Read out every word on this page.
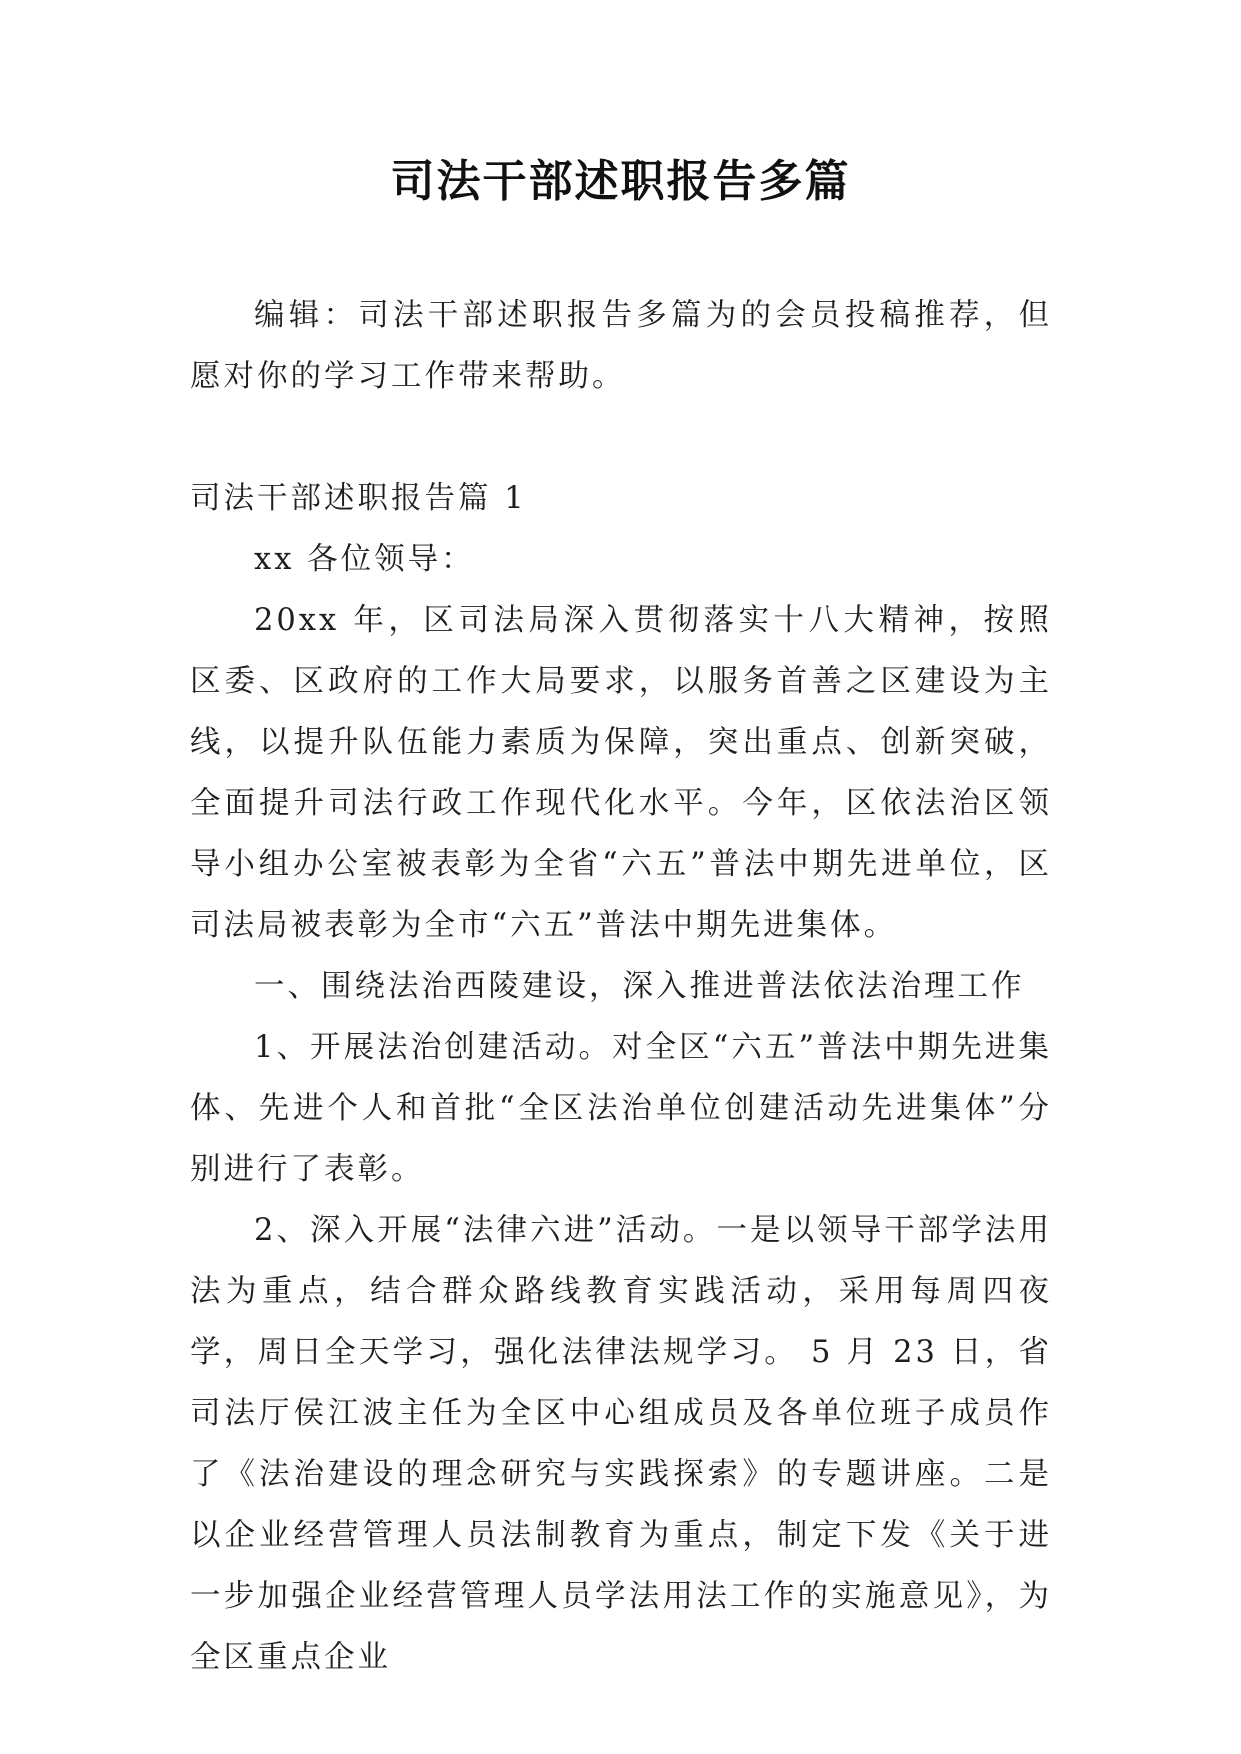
司法干部述职报告多篇

编辑：司法干部述职报告多篇为的会员投稿推荐，但愿对你的学习工作带来帮助。

司法干部述职报告篇 1

xx 各位领导：

20xx 年，区司法局深入贯彻落实十八大精神，按照区委、区政府的工作大局要求，以服务首善之区建设为主线，以提升队伍能力素质为保障，突出重点、创新突破，全面提升司法行政工作现代化水平。今年，区依法治区领导小组办公室被表彰为全省“六五”普法中期先进单位，区司法局被表彰为全市“六五”普法中期先进集体。

一、围绕法治西陵建设，深入推进普法依法治理工作

1、开展法治创建活动。对全区“六五”普法中期先进集体、先进个人和首批“全区法治单位创建活动先进集体”分别进行了表彰。

2、深入开展“法律六进”活动。一是以领导干部学法用法为重点，结合群众路线教育实践活动，采用每周四夜学，周日全天学习，强化法律法规学习。 5 月 23 日，省司法厅侯江波主任为全区中心组成员及各单位班子成员作了《法治建设的理念研究与实践探索》的专题讲座。二是以企业经营管理人员法制教育为重点，制定下发《关于进一步加强企业经营管理人员学法用法工作的实施意见》，为全区重点企业
